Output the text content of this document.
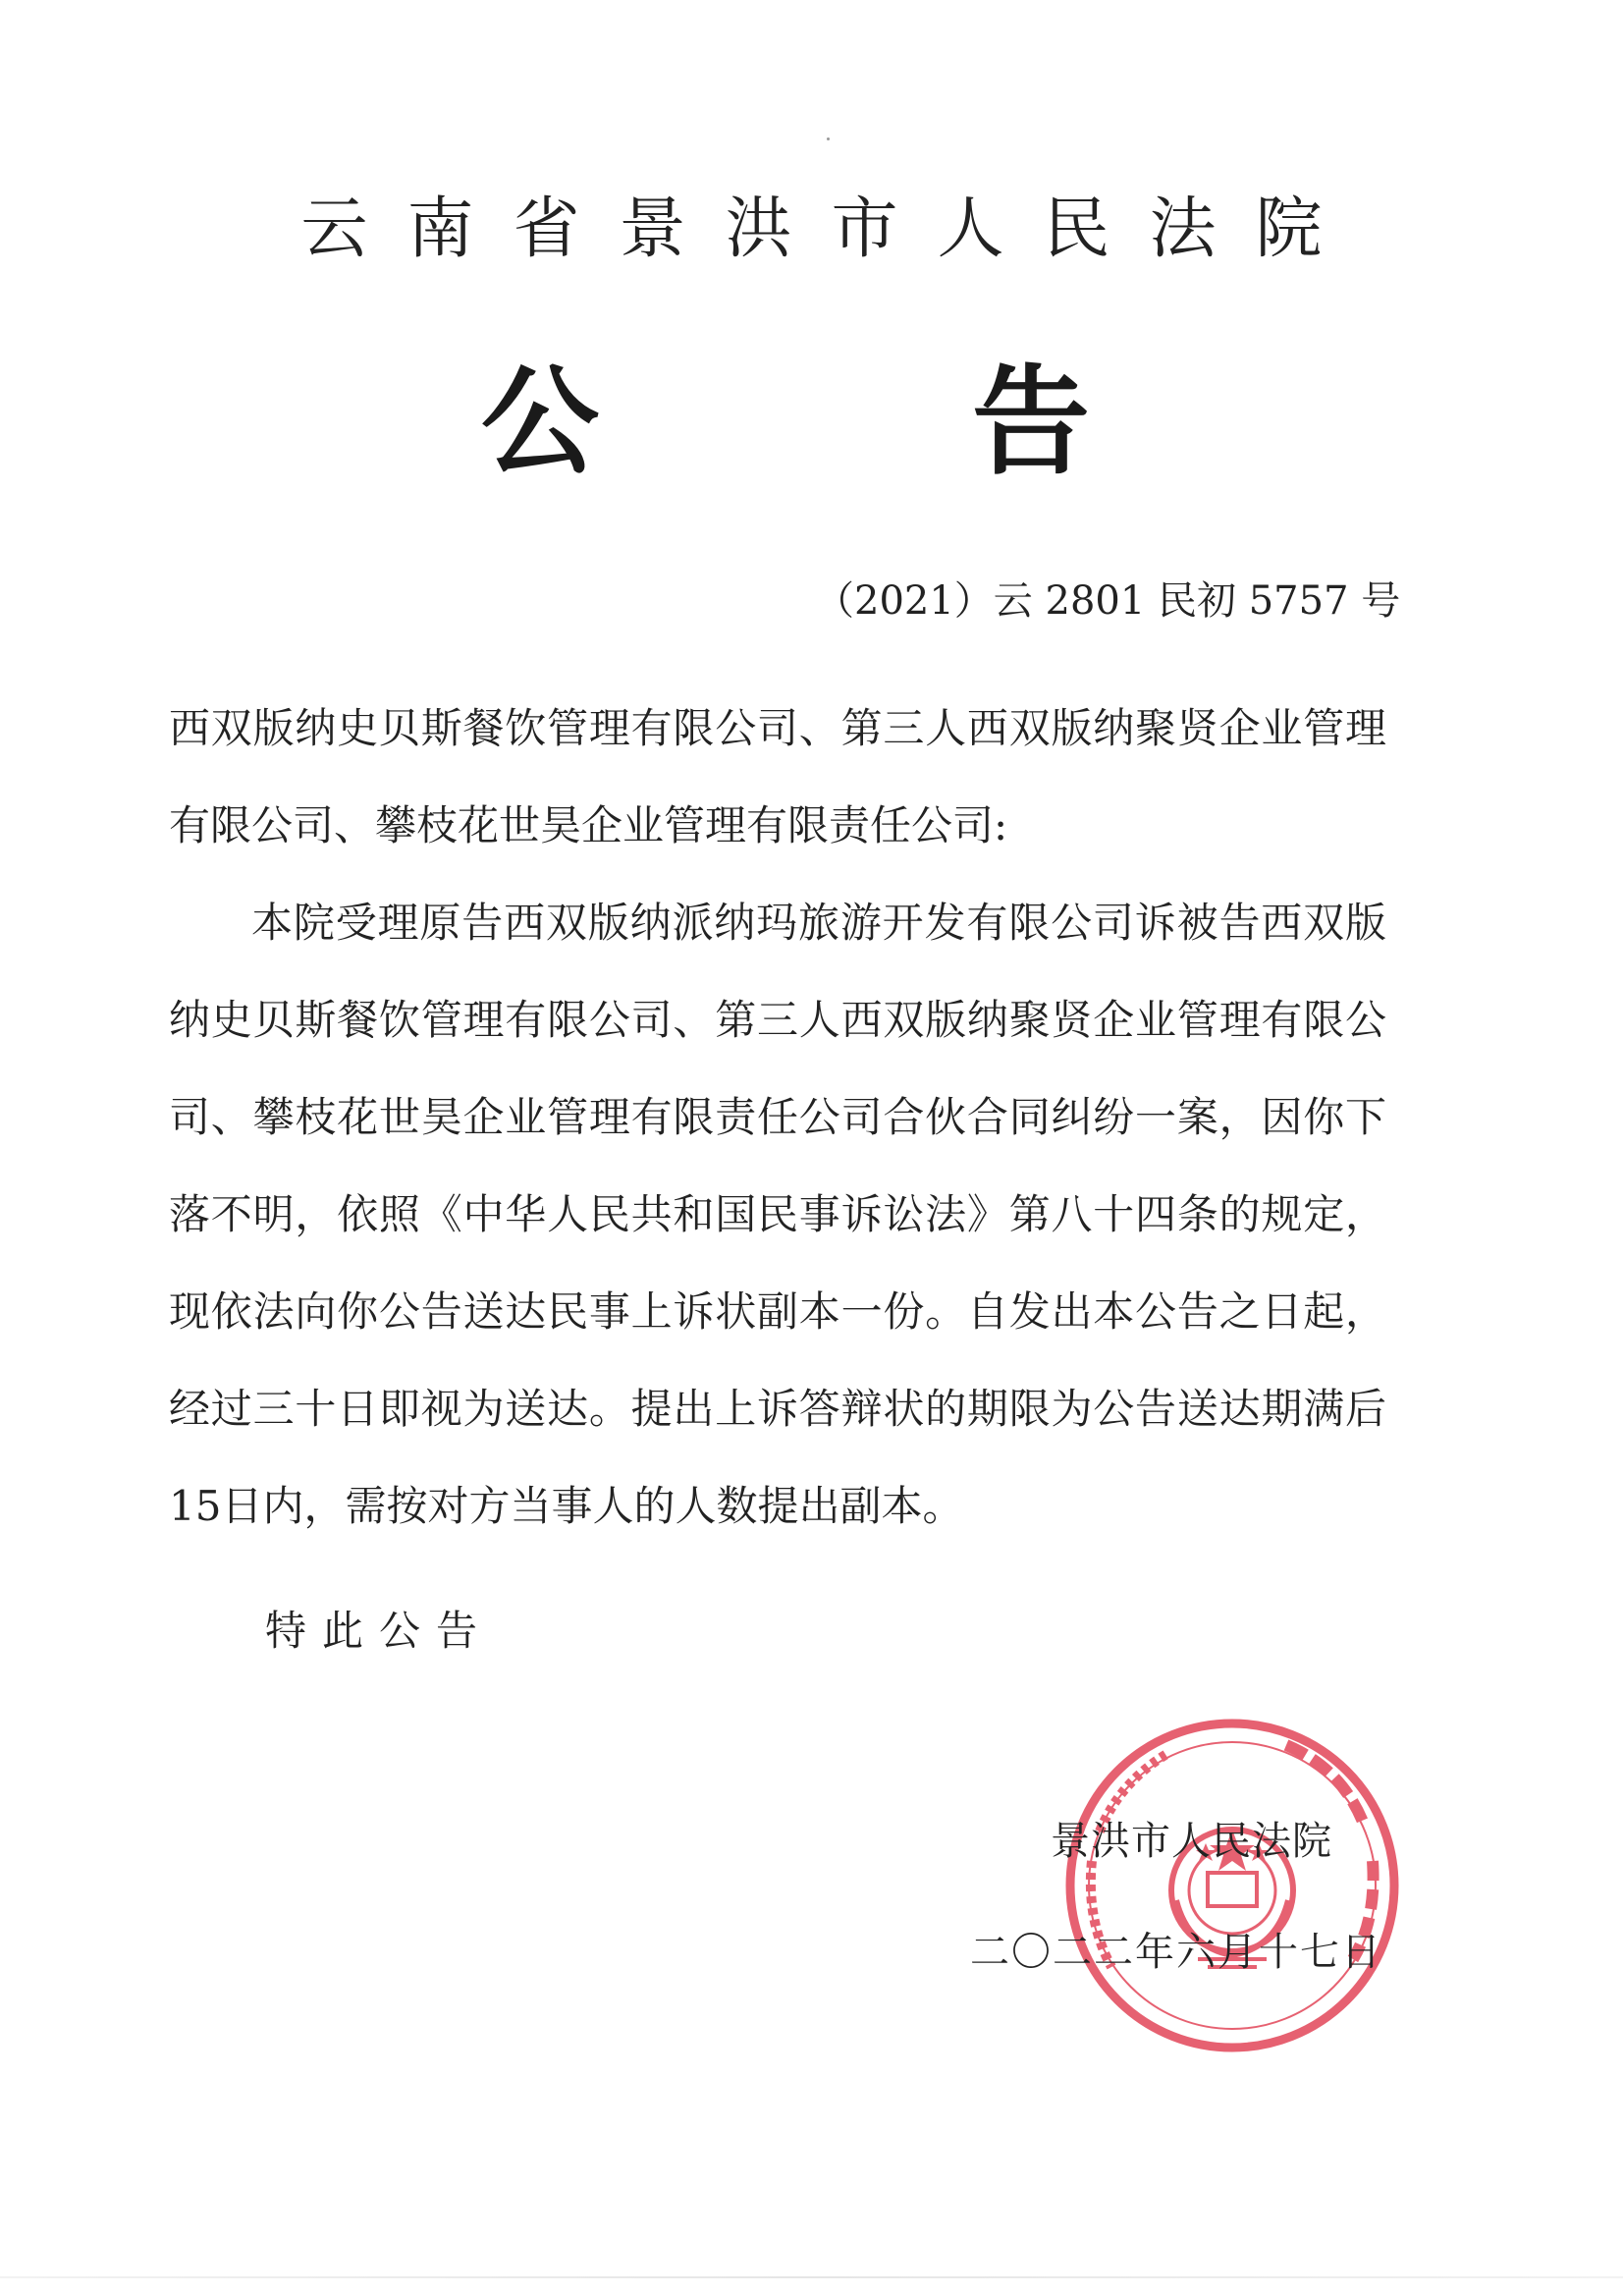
云南省景洪市人民法院
公	告
（2021）云 2801 民初 5757 号

西双版纳史贝斯餐饮管理有限公司、第三人西双版纳聚贤企业管理有限公司、攀枝花世昊企业管理有限责任公司:

本院受理原告西双版纳派纳玛旅游开发有限公司诉被告西双版纳史贝斯餐饮管理有限公司、第三人西双版纳聚贤企业管理有限公司、攀枝花世昊企业管理有限责任公司合伙合同纠纷一案，因你下落不明，依照《中华人民共和国民事诉讼法》第八十四条的规定，现依法向你公告送达民事上诉状副本一份。自发出本公告之日起，经过三十日即视为送达。提出上诉答辩状的期限为公告送达期满后15日内，需按对方当事人的人数提出副本。

特此公告
景洪市人民法院
二〇二二年六月十七日
